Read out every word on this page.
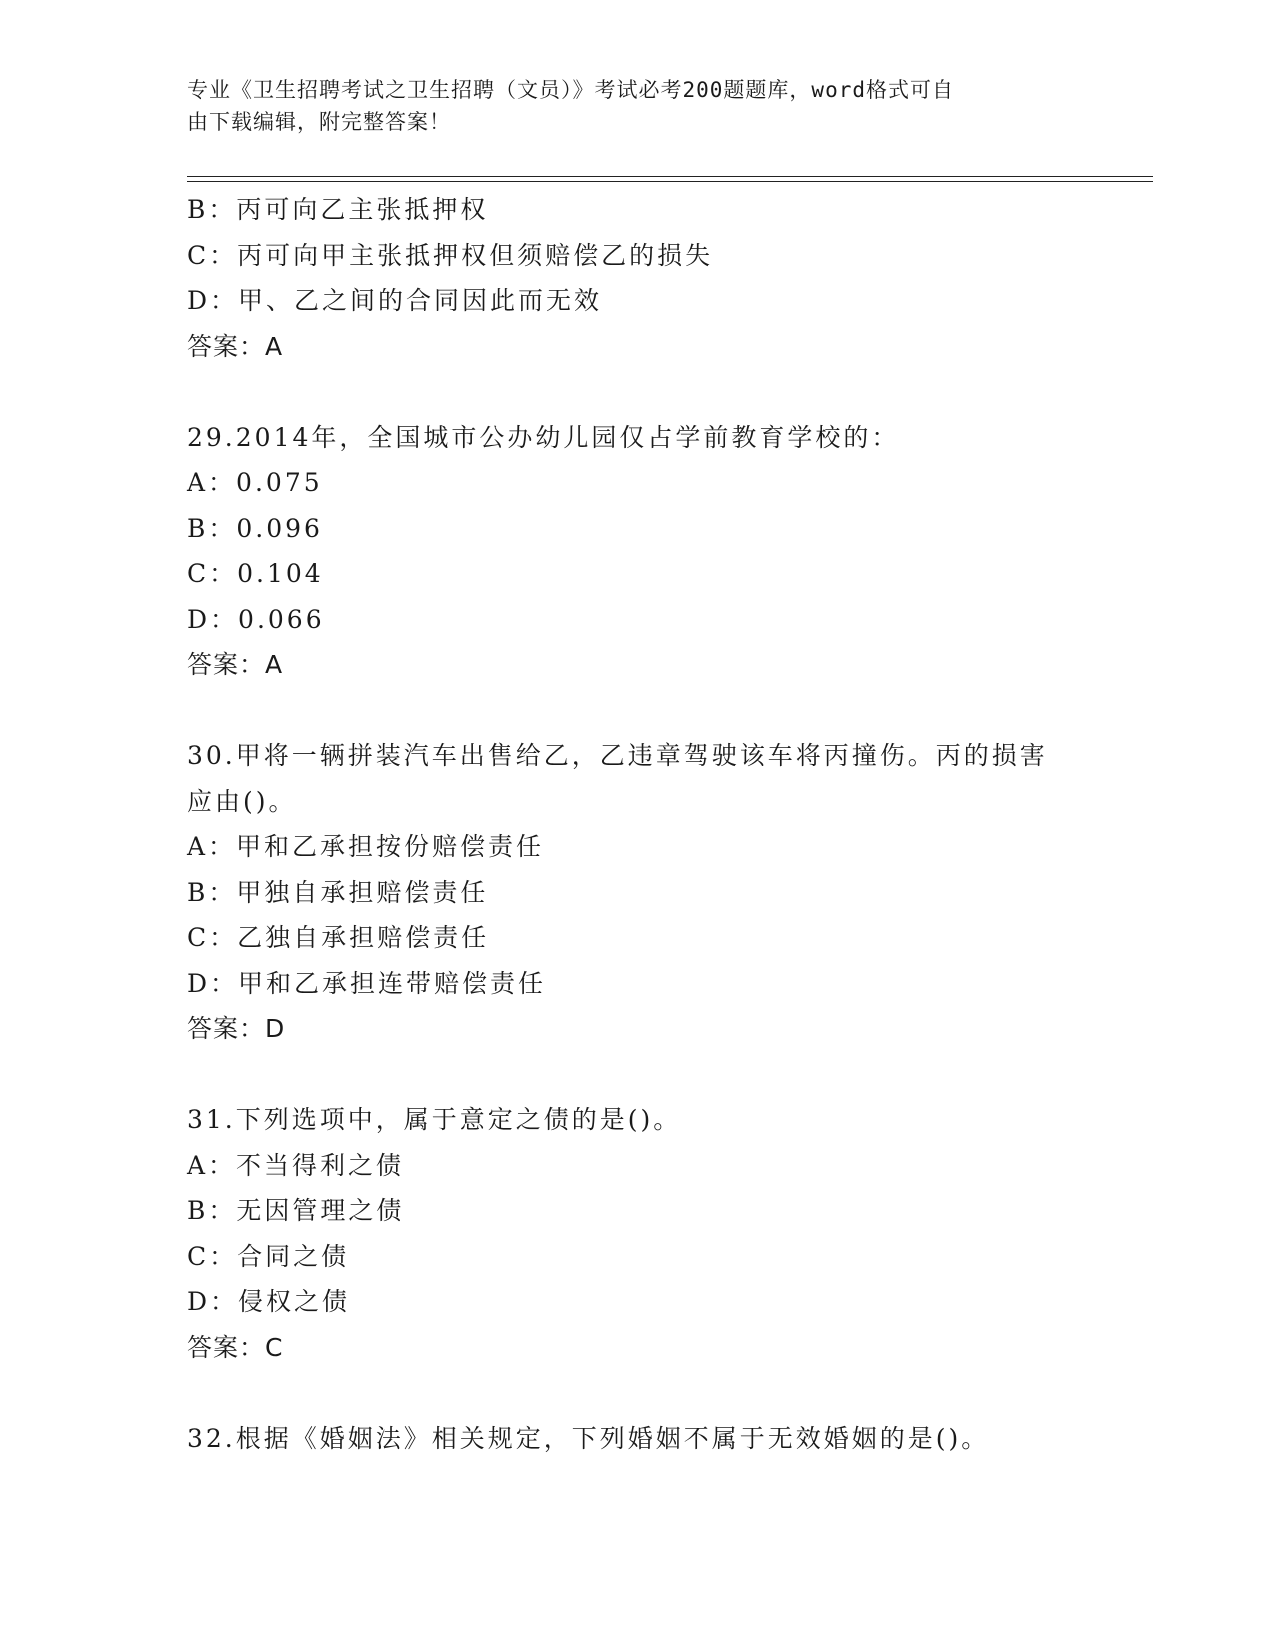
专业《卫生招聘考试之卫生招聘（文员）》考试必考200题题库，word格式可自
由下载编辑，附完整答案！
B：丙可向乙主张抵押权
C：丙可向甲主张抵押权但须赔偿乙的损失
D：甲、乙之间的合同因此而无效
答案：A
29.2014年，全国城市公办幼儿园仅占学前教育学校的：
A：0.075
B：0.096
C：0.104
D：0.066
答案：A
30.甲将一辆拼装汽车出售给乙，乙违章驾驶该车将丙撞伤。丙的损害
应由()。
A：甲和乙承担按份赔偿责任
B：甲独自承担赔偿责任
C：乙独自承担赔偿责任
D：甲和乙承担连带赔偿责任
答案：D
31.下列选项中，属于意定之债的是()。
A：不当得利之债
B：无因管理之债
C：合同之债
D：侵权之债
答案：C
32.根据《婚姻法》相关规定，下列婚姻不属于无效婚姻的是()。
